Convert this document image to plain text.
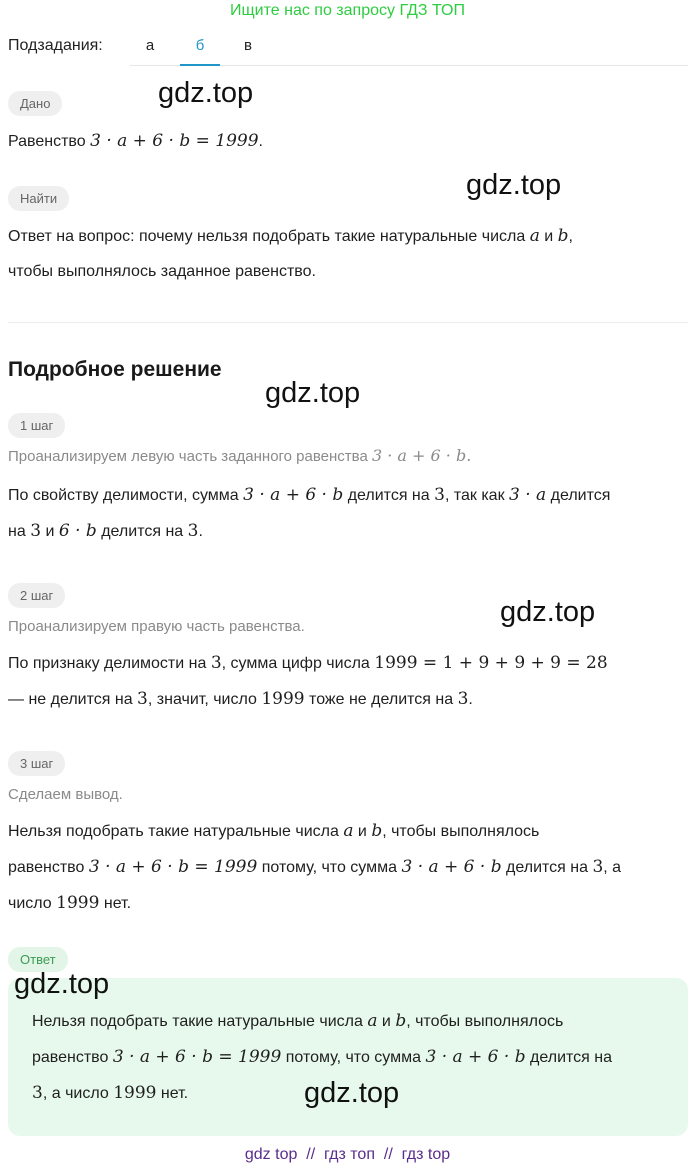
Ищите нас по запросу ГДЗ ТОП
Подзадания:	а	б	в
Дано
Равенство 3 · a + 6 · b = 1999.
Найти
Ответ на вопрос: почему нельзя подобрать такие натуральные числа a и b,
чтобы выполнялось заданное равенство.
Подробное решение
1 шаг
Проанализируем левую часть заданного равенства 3 · a + 6 · b.
По свойству делимости, сумма 3 · a + 6 · b делится на 3, так как 3 · a делится
на 3 и 6 · b делится на 3.
2 шаг
Проанализируем правую часть равенства.
По признаку делимости на 3, сумма цифр числа 1999 = 1 + 9 + 9 + 9 = 28
— не делится на 3, значит, число 1999 тоже не делится на 3.
3 шаг
Сделаем вывод.
Нельзя подобрать такие натуральные числа a и b, чтобы выполнялось
равенство 3 · a + 6 · b = 1999 потому, что сумма 3 · a + 6 · b делится на 3, а
число 1999 нет.
Ответ
Нельзя подобрать такие натуральные числа a и b, чтобы выполнялось
равенство 3 · a + 6 · b = 1999 потому, что сумма 3 · a + 6 · b делится на
3, а число 1999 нет.
gdz.top
gdz.top
gdz.top
gdz.top
gdz.top
gdz.top
gdz top  //  гдз топ  //  гдз top
